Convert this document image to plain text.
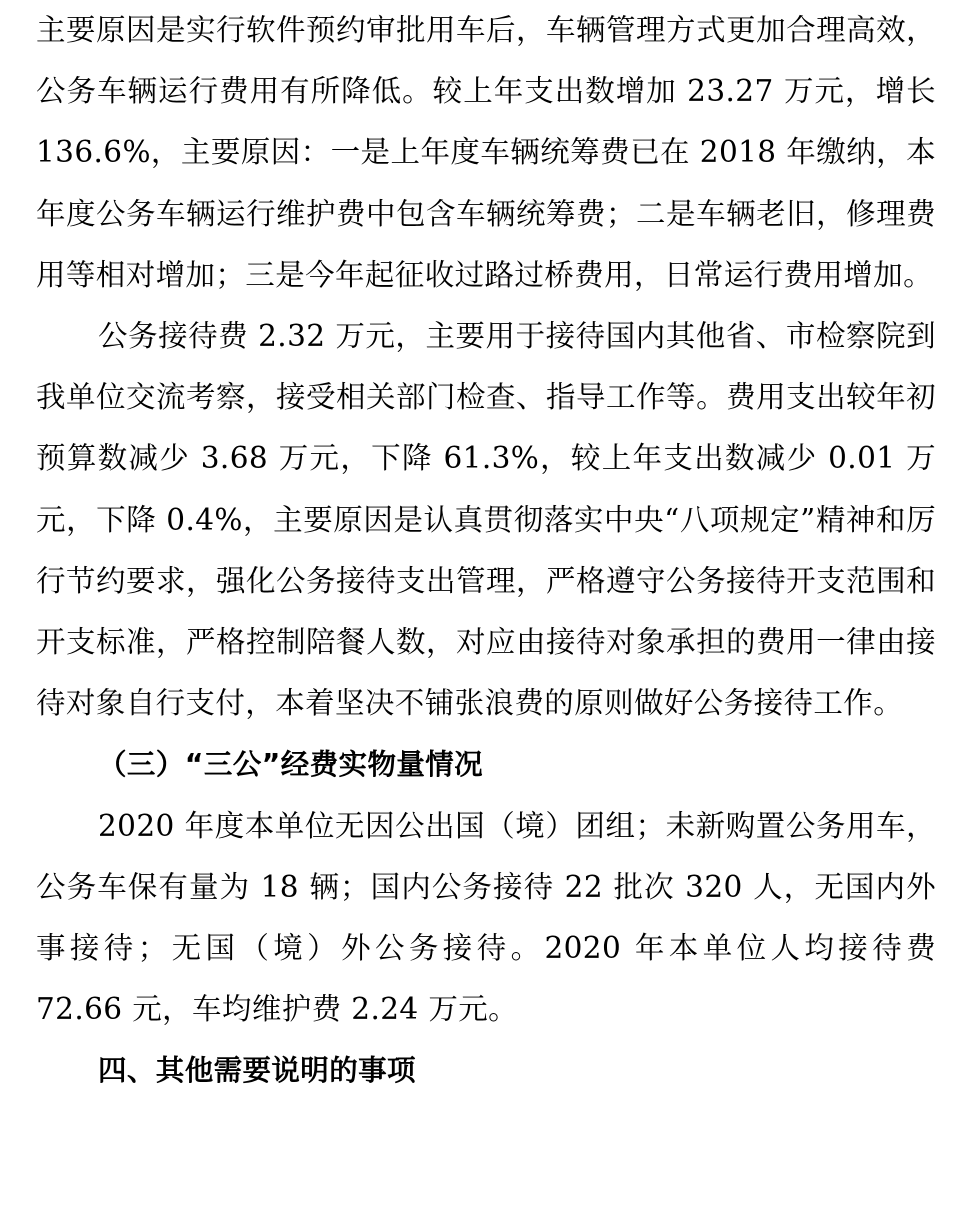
主要原因是实行软件预约审批用车后，车辆管理方式更加合理高效，公务车辆运行费用有所降低。较上年支出数增加 23.27 万元，增长 136.6%，主要原因：一是上年度车辆统筹费已在 2018 年缴纳，本年度公务车辆运行维护费中包含车辆统筹费；二是车辆老旧，修理费用等相对增加；三是今年起征收过路过桥费用，日常运行费用增加。

公务接待费 2.32 万元，主要用于接待国内其他省、市检察院到我单位交流考察，接受相关部门检查、指导工作等。费用支出较年初预算数减少 3.68 万元，下降 61.3%，较上年支出数减少 0.01 万元，下降 0.4%，主要原因是认真贯彻落实中央“八项规定”精神和厉行节约要求，强化公务接待支出管理，严格遵守公务接待开支范围和开支标准，严格控制陪餐人数，对应由接待对象承担的费用一律由接待对象自行支付，本着坚决不铺张浪费的原则做好公务接待工作。

（三）“三公”经费实物量情况

2020 年度本单位无因公出国（境）团组；未新购置公务用车，公务车保有量为 18 辆；国内公务接待 22 批次 320 人，无国内外事接待；无国（境）外公务接待。2020 年本单位人均接待费 72.66 元，车均维护费 2.24 万元。

四、其他需要说明的事项
